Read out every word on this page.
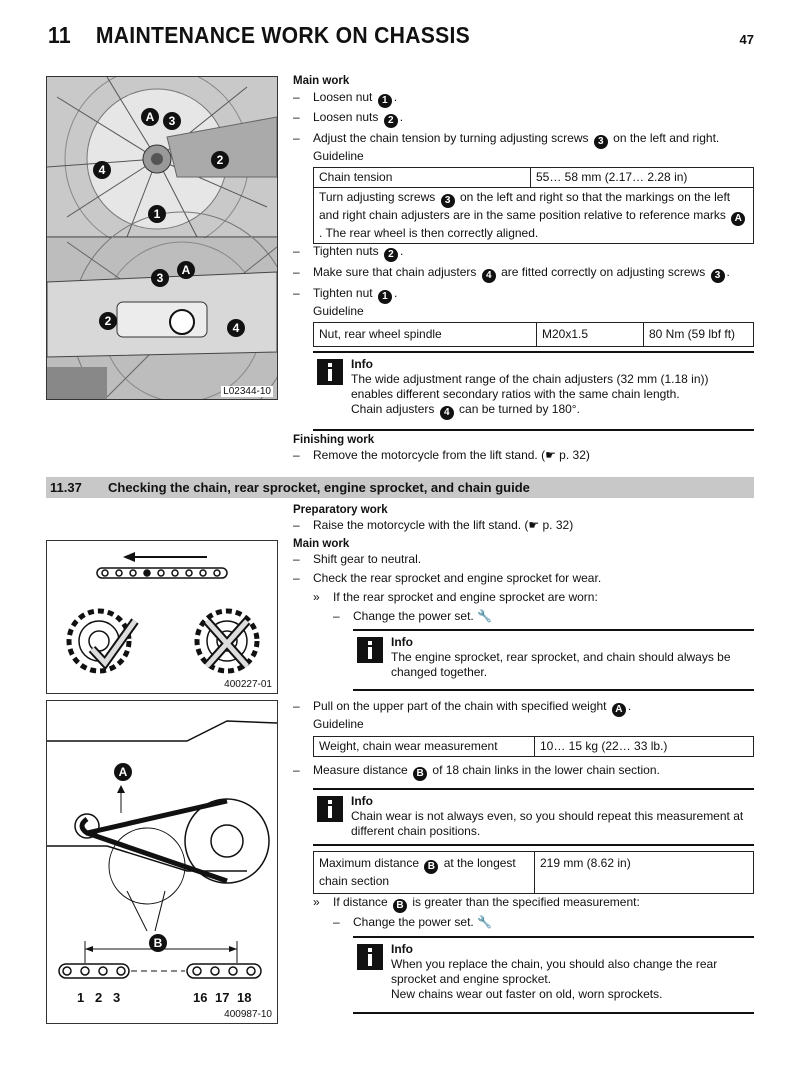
11 MAINTENANCE WORK ON CHASSIS	47
A	3
4
2
1
3
A
2	4
L02344-10
Main work
– Loosen nut 1 .
– Loosen nuts 2 .
– Adjust the chain tension by turning adjusting screws 3 on the left and right.
Guideline
Chain tension	55… 58 mm (2.17… 2.28 in)
Turn adjusting screws 3 on the left and right so that the markings on the left and right chain adjusters are in the same position relative to reference marks A. The rear wheel is then correctly aligned.
– Tighten nuts 2 .
– Make sure that chain adjusters 4 are fitted correctly on adjusting screws 3 .
– Tighten nut 1 .
Guideline
Nut, rear wheel spindle	M20x1.5	80 Nm (59 lbf ft)
Info
The wide adjustment range of the chain adjusters (32 mm (1.18 in))
enables different secondary ratios with the same chain length.
Chain adjusters 4 can be turned by 180°.
Finishing work
– Remove the motorcycle from the lift stand. (☛ p. 32)
11.37 Checking the chain, rear sprocket, engine sprocket, and chain guide
Preparatory work
– Raise the motorcycle with the lift stand. (☛ p. 32)
Main work
– Shift gear to neutral.
– Check the rear sprocket and engine sprocket for wear.
» If the rear sprocket and engine sprocket are worn:
– Change the power set. 🔧
Info
The engine sprocket, rear sprocket, and chain should always be
changed together.
– Pull on the upper part of the chain with specified weight A .
Guideline
Weight, chain wear measurement	10… 15 kg (22… 33 lb.)
– Measure distance B of 18 chain links in the lower chain section.
Info
Chain wear is not always even, so you should repeat this measurement at
different chain positions.
Maximum distance B at the longest chain section	219 mm (8.62 in)
» If distance B is greater than the specified measurement:
– Change the power set. 🔧
Info
When you replace the chain, you should also change the rear
sprocket and engine sprocket.
New chains wear out faster on old, worn sprockets.
400227-01
A
B
1 2 3	16 17 18
400987-10
